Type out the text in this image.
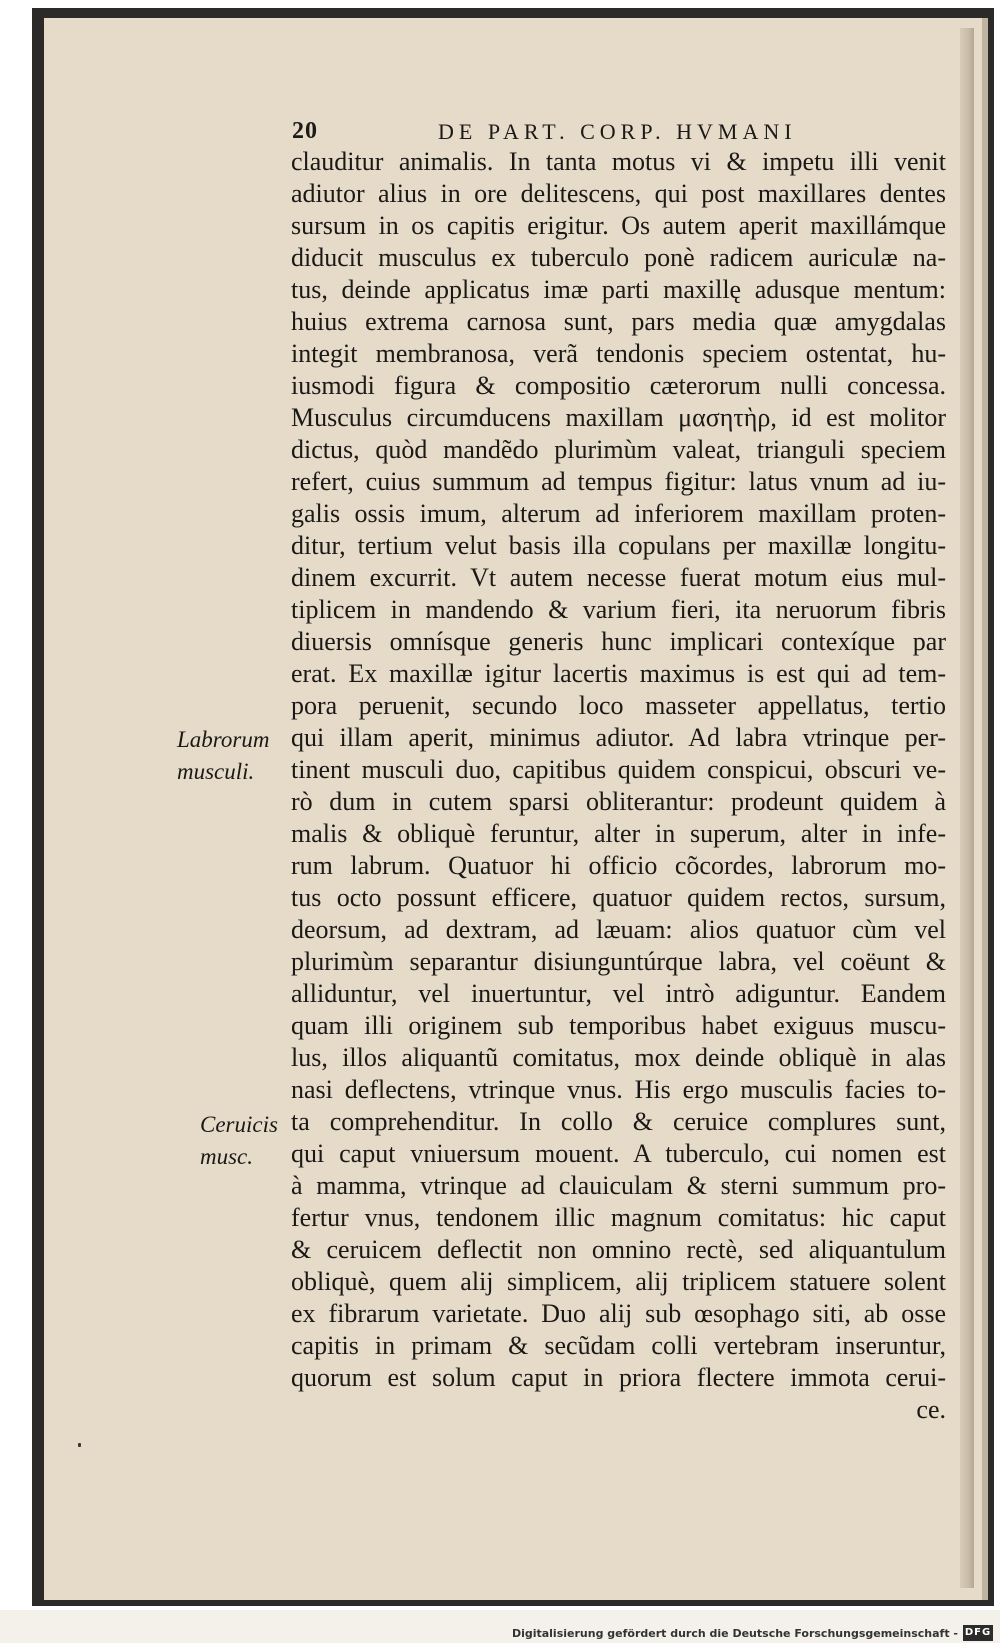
20	DE PART. CORP. HVMANI
clauditur animalis. In tanta motus vi & impetu illi venit
adiutor alius in ore delitescens, qui post maxillares dentes
sursum in os capitis erigitur. Os autem aperit maxillámque
diducit musculus ex tuberculo ponè radicem auriculæ na-
tus, deinde applicatus imæ parti maxillę adusque mentum:
huius extrema carnosa sunt, pars media quæ amygdalas
integit membranosa, verã tendonis speciem ostentat, hu-
iusmodi figura & compositio cæterorum nulli concessa.
Musculus circumducens maxillam μασητὴρ, id est molitor
dictus, quòd mandẽdo plurimùm valeat, trianguli speciem
refert, cuius summum ad tempus figitur: latus vnum ad iu-
galis ossis imum, alterum ad inferiorem maxillam proten-
ditur, tertium velut basis illa copulans per maxillæ longitu-
dinem excurrit. Vt autem necesse fuerat motum eius mul-
tiplicem in mandendo & varium fieri, ita neruorum fibris
diuersis omnísque generis hunc implicari contexíque par
erat. Ex maxillæ igitur lacertis maximus is est qui ad tem-
pora peruenit, secundo loco masseter appellatus, tertio
qui illam aperit, minimus adiutor. Ad labra vtrinque per-
tinent musculi duo, capitibus quidem conspicui, obscuri ve-
rò dum in cutem sparsi obliterantur: prodeunt quidem à
malis & obliquè feruntur, alter in superum, alter in infe-
rum labrum. Quatuor hi officio cõcordes, labrorum mo-
tus octo possunt efficere, quatuor quidem rectos, sursum,
deorsum, ad dextram, ad læuam: alios quatuor cùm vel
plurimùm separantur disiunguntúrque labra, vel coëunt &
alliduntur, vel inuertuntur, vel intrò adiguntur. Eandem
quam illi originem sub temporibus habet exiguus muscu-
lus, illos aliquantũ comitatus, mox deinde obliquè in alas
nasi deflectens, vtrinque vnus. His ergo musculis facies to-
ta comprehenditur. In collo & ceruice complures sunt,
qui caput vniuersum mouent. A tuberculo, cui nomen est
à mamma, vtrinque ad clauiculam & sterni summum pro-
fertur vnus, tendonem illic magnum comitatus: hic caput
& ceruicem deflectit non omnino rectè, sed aliquantulum
obliquè, quem alij simplicem, alij triplicem statuere solent
ex fibrarum varietate. Duo alij sub œsophago siti, ab osse
capitis in primam & secũdam colli vertebram inseruntur,
quorum est solum caput in priora flectere immota cerui-
ce.
Labrorum
musculi.
Ceruicis
musc.
Digitalisierung gefördert durch die Deutsche Forschungsgemeinschaft - DFG
